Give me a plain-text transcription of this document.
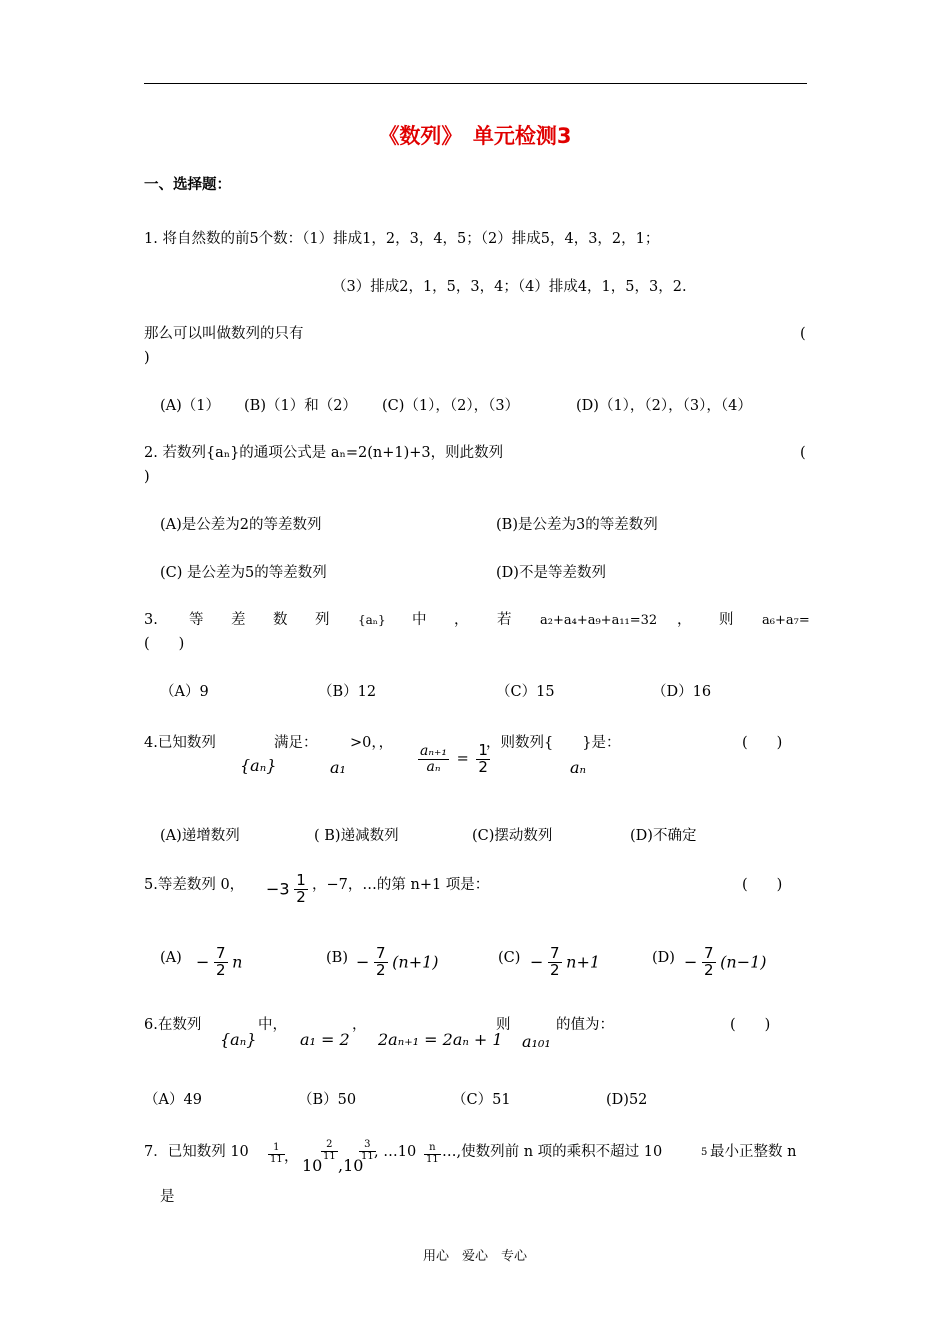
《数列》　单元检测3
一、选择题：
1. 将自然数的前5个数：（1）排成1，2，3，4，5；（2）排成5，4，3，2，1；
（3）排成2，1，5，3，4；（4）排成4，1，5，3，2.
那么可以叫做数列的只有	(
)
(A)（1） (B)（1）和（2） (C)（1），（2），（3）	(D)（1），（2），（3），（4）
2. 若数列{aₙ}的通项公式是 aₙ=2(n+1)+3，则此数列	(
)
(A)是公差为2的等差数列	(B)是公差为3的等差数列
(C) 是公差为5的等差数列	(D)不是等差数列
3. 等 差 数 列 {aₙ} 中 ， 若 a₂+a₄+a₉+a₁₁=32 ， 则 a₆+a₇=
(　　)
（A）9	（B）12	（C）15	（D）16
4.已知数列
{aₙ}
满足：
a₁
>0，，
$\frac{\text{aₙ₊₁}}{\text{aₙ}} = \frac{1}{2}$
，则数列{　　}是：
aₙ
(　　)
(A)递增数列	( B)递减数列	(C)摆动数列	(D)不确定
5.等差数列 0， $-3 \frac{1}{2}$ ，−7，…的第 n+1 项是：	(　　)
$(A) - \frac{7}{2}$ n	$(B) - \frac{7}{2} (n+1)$	$(C) - \frac{7}{2} n+1$	$(D) - \frac{7}{2} (n-1)$
6.在数列
{aₙ}
中，
a₁ = 2
，
2aₙ₊₁ = 2aₙ + 1
则
a₁₀₁
的值为：	(　　)
（A）49	（B）50	（C）51	(D)52
7．已知数列 $10 \frac{1}{11}$ ， 10
$\frac{2}{11}$
,10
$\frac{3}{11}$
, …10 $\frac{n}{11}$ …,使数列前 n 项的乘积不超过 10	5 最小正整数 n
是
用心　爱心　专心
